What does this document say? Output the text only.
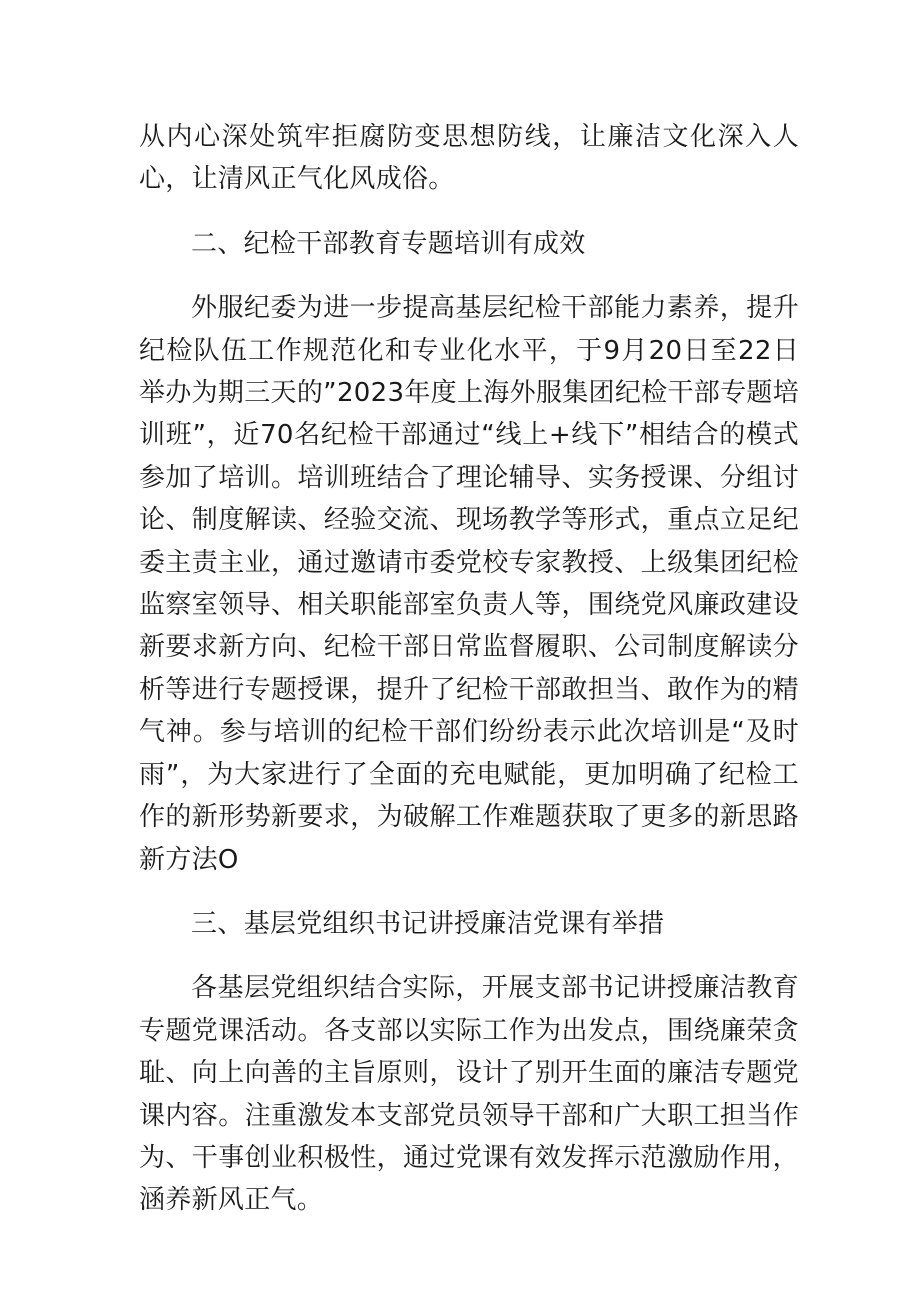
从内心深处筑牢拒腐防变思想防线，让廉洁文化深入人心，让清风正气化风成俗。

二、纪检干部教育专题培训有成效

外服纪委为进一步提高基层纪检干部能力素养，提升纪检队伍工作规范化和专业化水平，于9月20日至22日举办为期三天的”2023年度上海外服集团纪检干部专题培训班”，近70名纪检干部通过“线上+线下”相结合的模式参加了培训。培训班结合了理论辅导、实务授课、分组讨论、制度解读、经验交流、现场教学等形式，重点立足纪委主责主业，通过邀请市委党校专家教授、上级集团纪检监察室领导、相关职能部室负责人等，围绕党风廉政建设新要求新方向、纪检干部日常监督履职、公司制度解读分析等进行专题授课，提升了纪检干部敢担当、敢作为的精气神。参与培训的纪检干部们纷纷表示此次培训是“及时雨”，为大家进行了全面的充电赋能，更加明确了纪检工作的新形势新要求，为破解工作难题获取了更多的新思路新方法O

三、基层党组织书记讲授廉洁党课有举措

各基层党组织结合实际，开展支部书记讲授廉洁教育专题党课活动。各支部以实际工作为出发点，围绕廉荣贪耻、向上向善的主旨原则，设计了别开生面的廉洁专题党课内容。注重激发本支部党员领导干部和广大职工担当作为、干事创业积极性，通过党课有效发挥示范激励作用，涵养新风正气。
